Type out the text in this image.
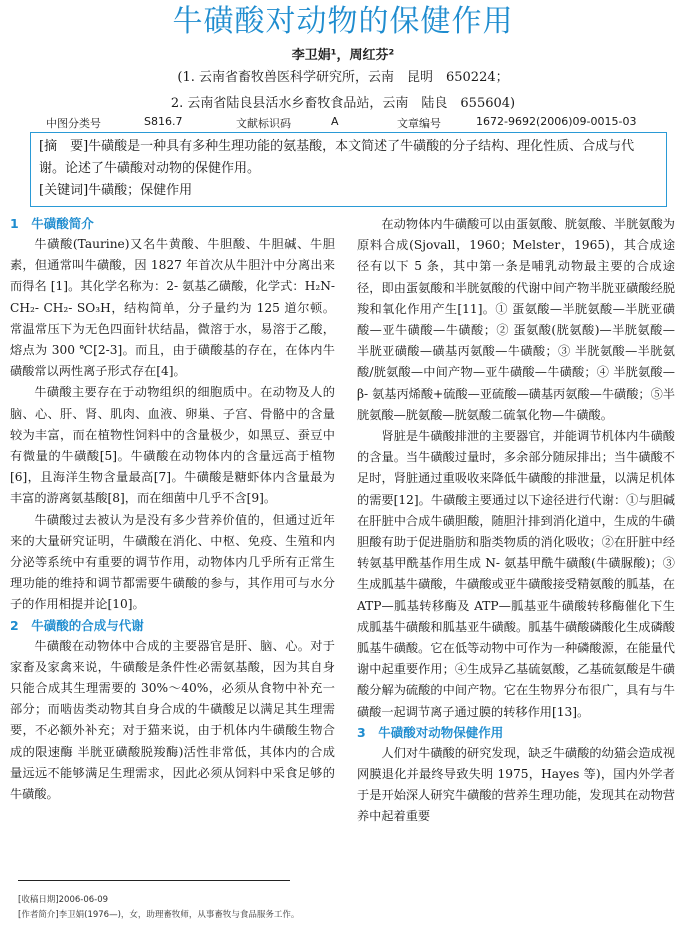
牛磺酸对动物的保健作用
李卫娟¹，周红芬²
(1. 云南省畜牧兽医科学研究所，云南　昆明　650224；
2. 云南省陆良县活水乡畜牧食品站，云南　陆良　655604)
中图分类号	S816.7	文献标识码	A	文章编号	1672-9692(2006)09-0015-03
[摘　要]牛磺酸是一种具有多种生理功能的氨基酸，本文简述了牛磺酸的分子结构、理化性质、合成与代谢。论述了牛磺酸对动物的保健作用。
[关键词]牛磺酸；保健作用
1　牛磺酸简介

牛磺酸(Taurine)又名牛黄酸、牛胆酸、牛胆碱、牛胆素，但通常叫牛磺酸，因 1827 年首次从牛胆汁中分离出来而得名 [1]。其化学名称为：2- 氨基乙磺酸，化学式：H₂N- CH₂- CH₂- SO₃H，结构简单，分子量约为 125 道尔顿。常温常压下为无色四面针状结晶，微溶于水，易溶于乙酸，熔点为 300 ℃[2-3]。而且，由于磺酸基的存在，在体内牛磺酸常以两性离子形式存在[4]。

牛磺酸主要存在于动物组织的细胞质中。在动物及人的脑、心、肝、肾、肌肉、血液、卵巢、子宫、骨骼中的含量较为丰富，而在植物性饲料中的含量极少，如黑豆、蚕豆中有微量的牛磺酸[5]。牛磺酸在动物体内的含量远高于植物[6]，且海洋生物含量最高[7]。牛磺酸是糖虾体内含量最为丰富的游离氨基酸[8]，而在细菌中几乎不含[9]。

牛磺酸过去被认为是没有多少营养价值的，但通过近年来的大量研究证明，牛磺酸在消化、中枢、免疫、生殖和内分泌等系统中有重要的调节作用，动物体内几乎所有正常生理功能的维持和调节都需要牛磺酸的参与，其作用可与水分子的作用相提并论[10]。

2　牛磺酸的合成与代谢

牛磺酸在动物体中合成的主要器官是肝、脑、心。对于家畜及家禽来说，牛磺酸是条件性必需氨基酸，因为其自身只能合成其生理需要的 30%～40%，必须从食物中补充一部分；而啮齿类动物其自身合成的牛磺酸足以满足其生理需要，不必额外补充；对于猫来说，由于机体内牛磺酸生物合成的限速酶 半胱亚磺酸脱羧酶)活性非常低，其体内的合成量远远不能够满足生理需求，因此必须从饲料中采食足够的牛磺酸。

在动物体内牛磺酸可以由蛋氨酸、胱氨酸、半胱氨酸为原料合成(Sjovall，1960；Melster，1965)，其合成途径有以下 5 条，其中第一条是哺乳动物最主要的合成途径，即由蛋氨酸和半胱氨酸的代谢中间产物半胱亚磺酸经脱羧和氧化作用产生[11]。① 蛋氨酸—半胱氨酸—半胱亚磺酸—亚牛磺酸—牛磺酸；② 蛋氨酸(胱氨酸)—半胱氨酸—半胱亚磺酸—磺基丙氨酸—牛磺酸；③ 半胱氨酸—半胱氨酸/胱氨酸—中间产物—亚牛磺酸—牛磺酸；④ 半胱氨酸—β- 氨基丙烯酸+硫酸—亚硫酸—磺基丙氨酸—牛磺酸；⑤半胱氨酸—胱氨酸—胱氨酸二硫氧化物—牛磺酸。

肾脏是牛磺酸排泄的主要器官，并能调节机体内牛磺酸的含量。当牛磺酸过量时，多余部分随尿排出；当牛磺酸不足时，肾脏通过重吸收来降低牛磺酸的排泄量，以满足机体的需要[12]。牛磺酸主要通过以下途径进行代谢：①与胆碱在肝脏中合成牛磺胆酸，随胆汁排到消化道中，生成的牛磺胆酸有助于促进脂肪和脂类物质的消化吸收；②在肝脏中经转氨基甲酰基作用生成 N- 氨基甲酰牛磺酸(牛磺脲酸)；③生成胍基牛磺酸，牛磺酸或亚牛磺酸接受精氨酸的胍基，在 ATP—胍基转移酶及 ATP—胍基亚牛磺酸转移酶催化下生成胍基牛磺酸和胍基亚牛磺酸。胍基牛磺酸磷酸化生成磷酸胍基牛磺酸。它在低等动物中可作为一种磷酸源，在能量代谢中起重要作用；④生成异乙基硫氨酸，乙基硫氨酸是牛磺酸分解为硫酸的中间产物。它在生物界分布很广，具有与牛磺酸一起调节离子通过膜的转移作用[13]。

3　牛磺酸对动物保健作用

人们对牛磺酸的研究发现，缺乏牛磺酸的幼猫会造成视网膜退化并最终导致失明 1975，Hayes 等)，国内外学者于是开始深人研究牛磺酸的营养生理功能，发现其在动物营养中起着重要

[收稿日期]2006-06-09
[作者简介]李卫娟(1976—)，女，助理畜牧师，从事畜牧与食品服务工作。
